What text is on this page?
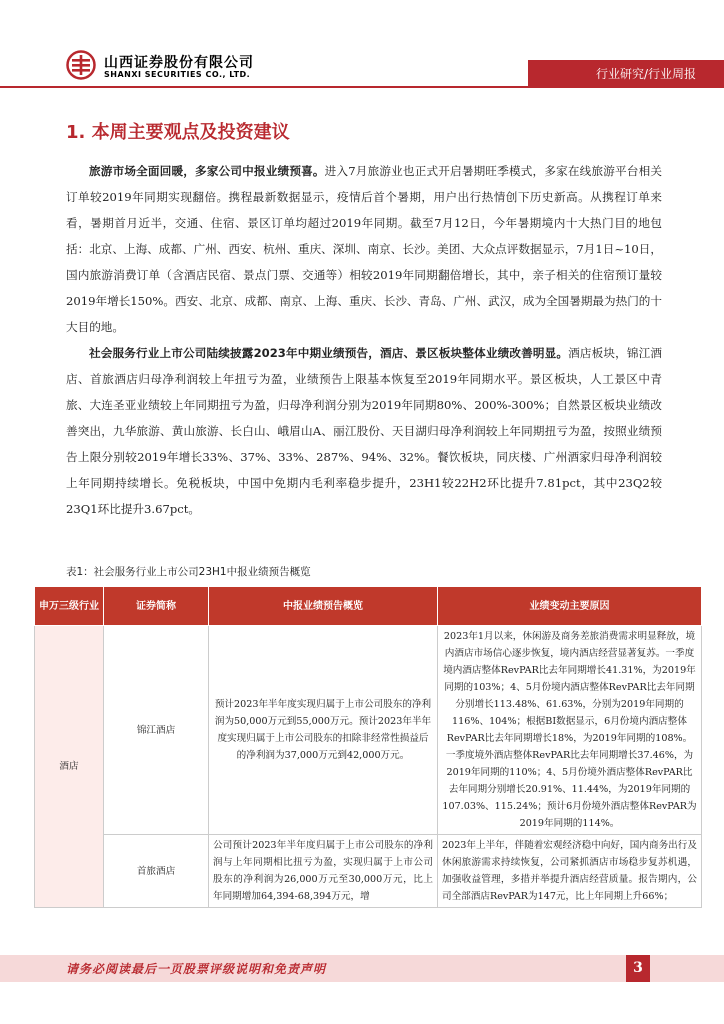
山西证券股份有限公司
SHANXI SECURITIES CO., LTD.	行业研究/行业周报
1. 本周主要观点及投资建议

旅游市场全面回暖，多家公司中报业绩预喜。进入7月旅游业也正式开启暑期旺季模式，多家在线旅游平台相关订单较2019年同期实现翻倍。携程最新数据显示，疫情后首个暑期，用户出行热情创下历史新高。从携程订单来看，暑期首月近半，交通、住宿、景区订单均超过2019年同期。截至7月12日，今年暑期境内十大热门目的地包括：北京、上海、成都、广州、西安、杭州、重庆、深圳、南京、长沙。美团、大众点评数据显示，7月1日~10日，国内旅游消费订单（含酒店民宿、景点门票、交通等）相较2019年同期翻倍增长，其中，亲子相关的住宿预订量较2019年增长150%。西安、北京、成都、南京、上海、重庆、长沙、青岛、广州、武汉，成为全国暑期最为热门的十大目的地。

社会服务行业上市公司陆续披露2023年中期业绩预告，酒店、景区板块整体业绩改善明显。酒店板块，锦江酒店、首旅酒店归母净利润较上年扭亏为盈，业绩预告上限基本恢复至2019年同期水平。景区板块，人工景区中青旅、大连圣亚业绩较上年同期扭亏为盈，归母净利润分别为2019年同期80%、200%-300%；自然景区板块业绩改善突出，九华旅游、黄山旅游、长白山、峨眉山A、丽江股份、天目湖归母净利润较上年同期扭亏为盈，按照业绩预告上限分别较2019年增长33%、37%、33%、287%、94%、32%。餐饮板块，同庆楼、广州酒家归母净利润较上年同期持续增长。免税板块，中国中免期内毛利率稳步提升，23H1较22H2环比提升7.81pct，其中23Q2较23Q1环比提升3.67pct。

表1：社会服务行业上市公司23H1中报业绩预告概览
申万三级行业	证券简称	中报业绩预告概览	业绩变动主要原因
酒店	锦江酒店	预计2023年半年度实现归属于上市公司股东的净利润为50,000万元到55,000万元。预计2023年半年度实现归属于上市公司股东的扣除非经常性损益后的净利润为37,000万元到42,000万元。	2023年1月以来，休闲游及商务差旅消费需求明显释放，境内酒店市场信心逐步恢复，境内酒店经营显著复苏。一季度境内酒店整体RevPAR比去年同期增长41.31%，为2019年同期的103%；4、5月份境内酒店整体RevPAR比去年同期分别增长113.48%、61.63%，分别为2019年同期的116%、104%；根据BI数据显示，6月份境内酒店整体RevPAR比去年同期增长18%，为2019年同期的108%。一季度境外酒店整体RevPAR比去年同期增长37.46%，为2019年同期的110%；4、5月份境外酒店整体RevPAR比去年同期分别增长20.91%、11.44%，为2019年同期的107.03%、115.24%；预计6月份境外酒店整体RevPAR为2019年同期的114%。
	首旅酒店	公司预计2023年半年度归属于上市公司股东的净利润与上年同期相比扭亏为盈，实现归属于上市公司股东的净利润为26,000万元至30,000万元，比上年同期增加64,394-68,394万元，增	2023年上半年，伴随着宏观经济稳中向好，国内商务出行及休闲旅游需求持续恢复，公司紧抓酒店市场稳步复苏机遇，加强收益管理，多措并举提升酒店经营质量。报告期内，公司全部酒店RevPAR为147元，比上年同期上升66%；
请务必阅读最后一页股票评级说明和免责声明	3
